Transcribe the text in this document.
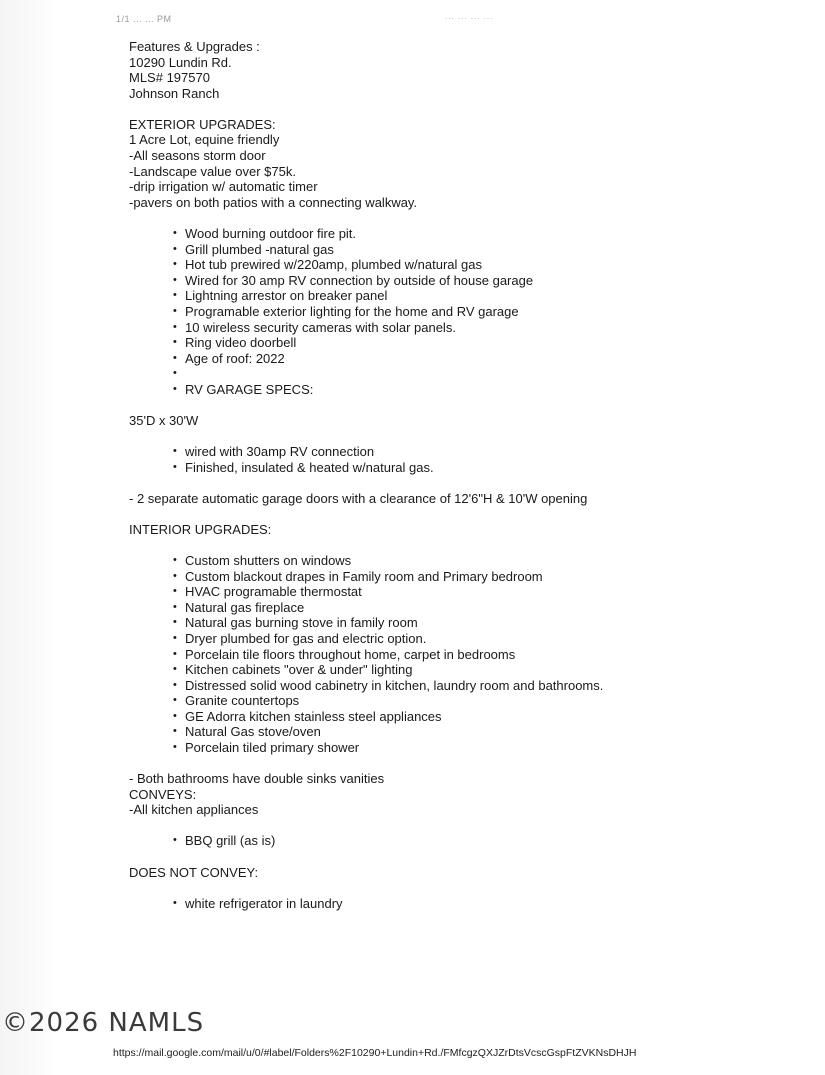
1/1 ... ... PM	... ... ... ...

Features & Upgrades :

10290 Lundin Rd.

MLS# 197570

Johnson Ranch

EXTERIOR UPGRADES:

1 Acre Lot, equine friendly

-All seasons storm door

-Landscape value over $75k.

-drip irrigation w/ automatic timer

-pavers on both patios with a connecting walkway.

• Wood burning outdoor fire pit.
• Grill plumbed -natural gas
• Hot tub prewired w/220amp, plumbed w/natural gas
• Wired for 30 amp RV connection by outside of house garage
• Lightning arrestor on breaker panel
• Programable exterior lighting for the home and RV garage
• 10 wireless security cameras with solar panels.
• Ring video doorbell
• Age of roof: 2022
•
• RV GARAGE SPECS:

35'D x 30'W

• wired with 30amp RV connection
• Finished, insulated & heated w/natural gas.

- 2 separate automatic garage doors with a clearance of 12'6"H & 10'W opening

INTERIOR UPGRADES:

• Custom shutters on windows
• Custom blackout drapes in Family room and Primary bedroom
• HVAC programable thermostat
• Natural gas fireplace
• Natural gas burning stove in family room
• Dryer plumbed for gas and electric option.
• Porcelain tile floors throughout home, carpet in bedrooms
• Kitchen cabinets "over & under" lighting
• Distressed solid wood cabinetry in kitchen, laundry room and bathrooms.
• Granite countertops
• GE Adorra kitchen stainless steel appliances
• Natural Gas stove/oven
• Porcelain tiled primary shower

- Both bathrooms have double sinks vanities

CONVEYS:

-All kitchen appliances

• BBQ grill (as is)

DOES NOT CONVEY:

• white refrigerator in laundry
©2026 NAMLS
https://mail.google.com/mail/u/0/#label/Folders%2F10290+Lundin+Rd./FMfcgzQXJZrDtsVcscGspFtZVKNsDHJH
